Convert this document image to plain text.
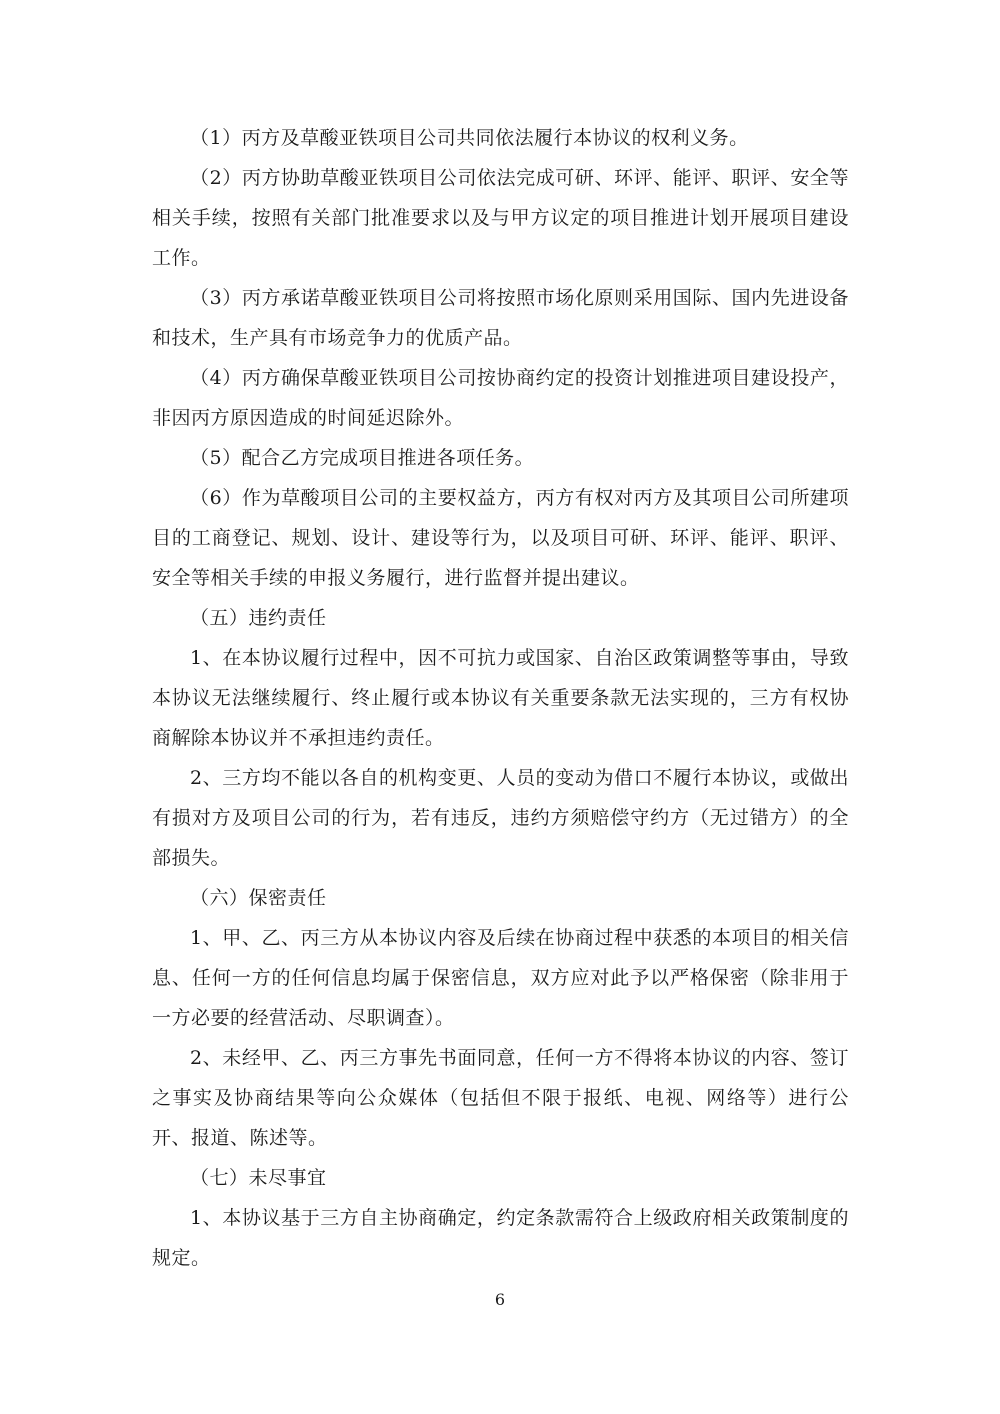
（1）丙方及草酸亚铁项目公司共同依法履行本协议的权利义务。

（2）丙方协助草酸亚铁项目公司依法完成可研、环评、能评、职评、安全等相关手续，按照有关部门批准要求以及与甲方议定的项目推进计划开展项目建设工作。

（3）丙方承诺草酸亚铁项目公司将按照市场化原则采用国际、国内先进设备和技术，生产具有市场竞争力的优质产品。

（4）丙方确保草酸亚铁项目公司按协商约定的投资计划推进项目建设投产，非因丙方原因造成的时间延迟除外。

（5）配合乙方完成项目推进各项任务。

（6）作为草酸项目公司的主要权益方，丙方有权对丙方及其项目公司所建项目的工商登记、规划、设计、建设等行为，以及项目可研、环评、能评、职评、安全等相关手续的申报义务履行，进行监督并提出建议。

（五）违约责任

1、在本协议履行过程中，因不可抗力或国家、自治区政策调整等事由，导致本协议无法继续履行、终止履行或本协议有关重要条款无法实现的，三方有权协商解除本协议并不承担违约责任。

2、三方均不能以各自的机构变更、人员的变动为借口不履行本协议，或做出有损对方及项目公司的行为，若有违反，违约方须赔偿守约方（无过错方）的全部损失。

（六）保密责任

1、甲、乙、丙三方从本协议内容及后续在协商过程中获悉的本项目的相关信息、任何一方的任何信息均属于保密信息，双方应对此予以严格保密（除非用于一方必要的经营活动、尽职调查）。

2、未经甲、乙、丙三方事先书面同意，任何一方不得将本协议的内容、签订之事实及协商结果等向公众媒体（包括但不限于报纸、电视、网络等）进行公开、报道、陈述等。

（七）未尽事宜

1、本协议基于三方自主协商确定，约定条款需符合上级政府相关政策制度的规定。

6
